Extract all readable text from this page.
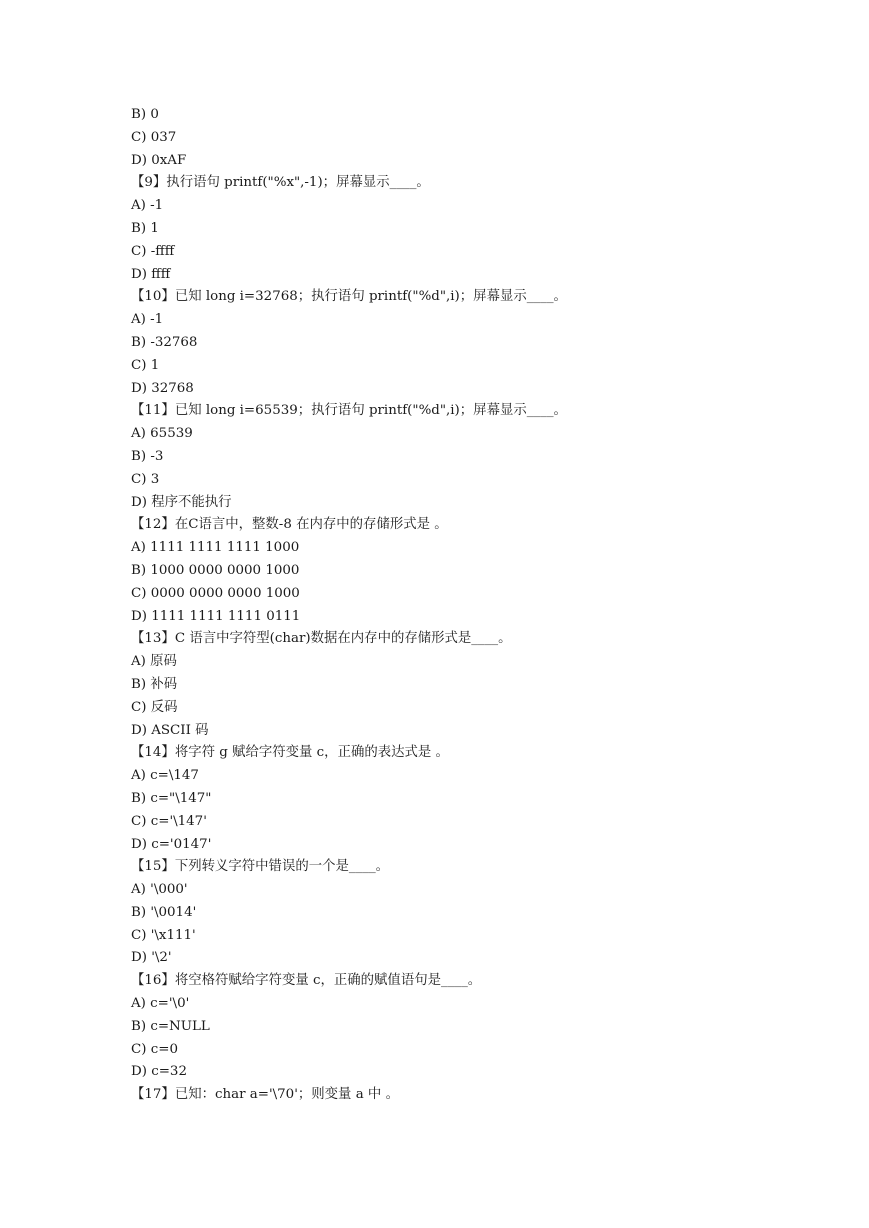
B) 0
C) 037
D) 0xAF
【9】执行语句 printf("%x",-1)；屏幕显示____。
A) -1
B) 1
C) -ffff
D) ffff
【10】已知 long i=32768；执行语句 printf("%d",i)；屏幕显示____。
A) -1
B) -32768
C) 1
D) 32768
【11】已知 long i=65539；执行语句 printf("%d",i)；屏幕显示____。
A) 65539
B) -3
C) 3
D) 程序不能执行
【12】在C语言中，整数-8 在内存中的存储形式是 。
A) 1111 1111 1111 1000
B) 1000 0000 0000 1000
C) 0000 0000 0000 1000
D) 1111 1111 1111 0111
【13】C 语言中字符型(char)数据在内存中的存储形式是____。
A) 原码
B) 补码
C) 反码
D) ASCII 码
【14】将字符 g 赋给字符变量 c，正确的表达式是 。
A) c=\147
B) c="\147"
C) c='\147'
D) c='0147'
【15】下列转义字符中错误的一个是____。
A) '\000'
B) '\0014'
C) '\x111'
D) '\2'
【16】将空格符赋给字符变量 c，正确的赋值语句是____。
A) c='\0'
B) c=NULL
C) c=0
D) c=32
【17】已知：char a='\70'；则变量 a 中 。
